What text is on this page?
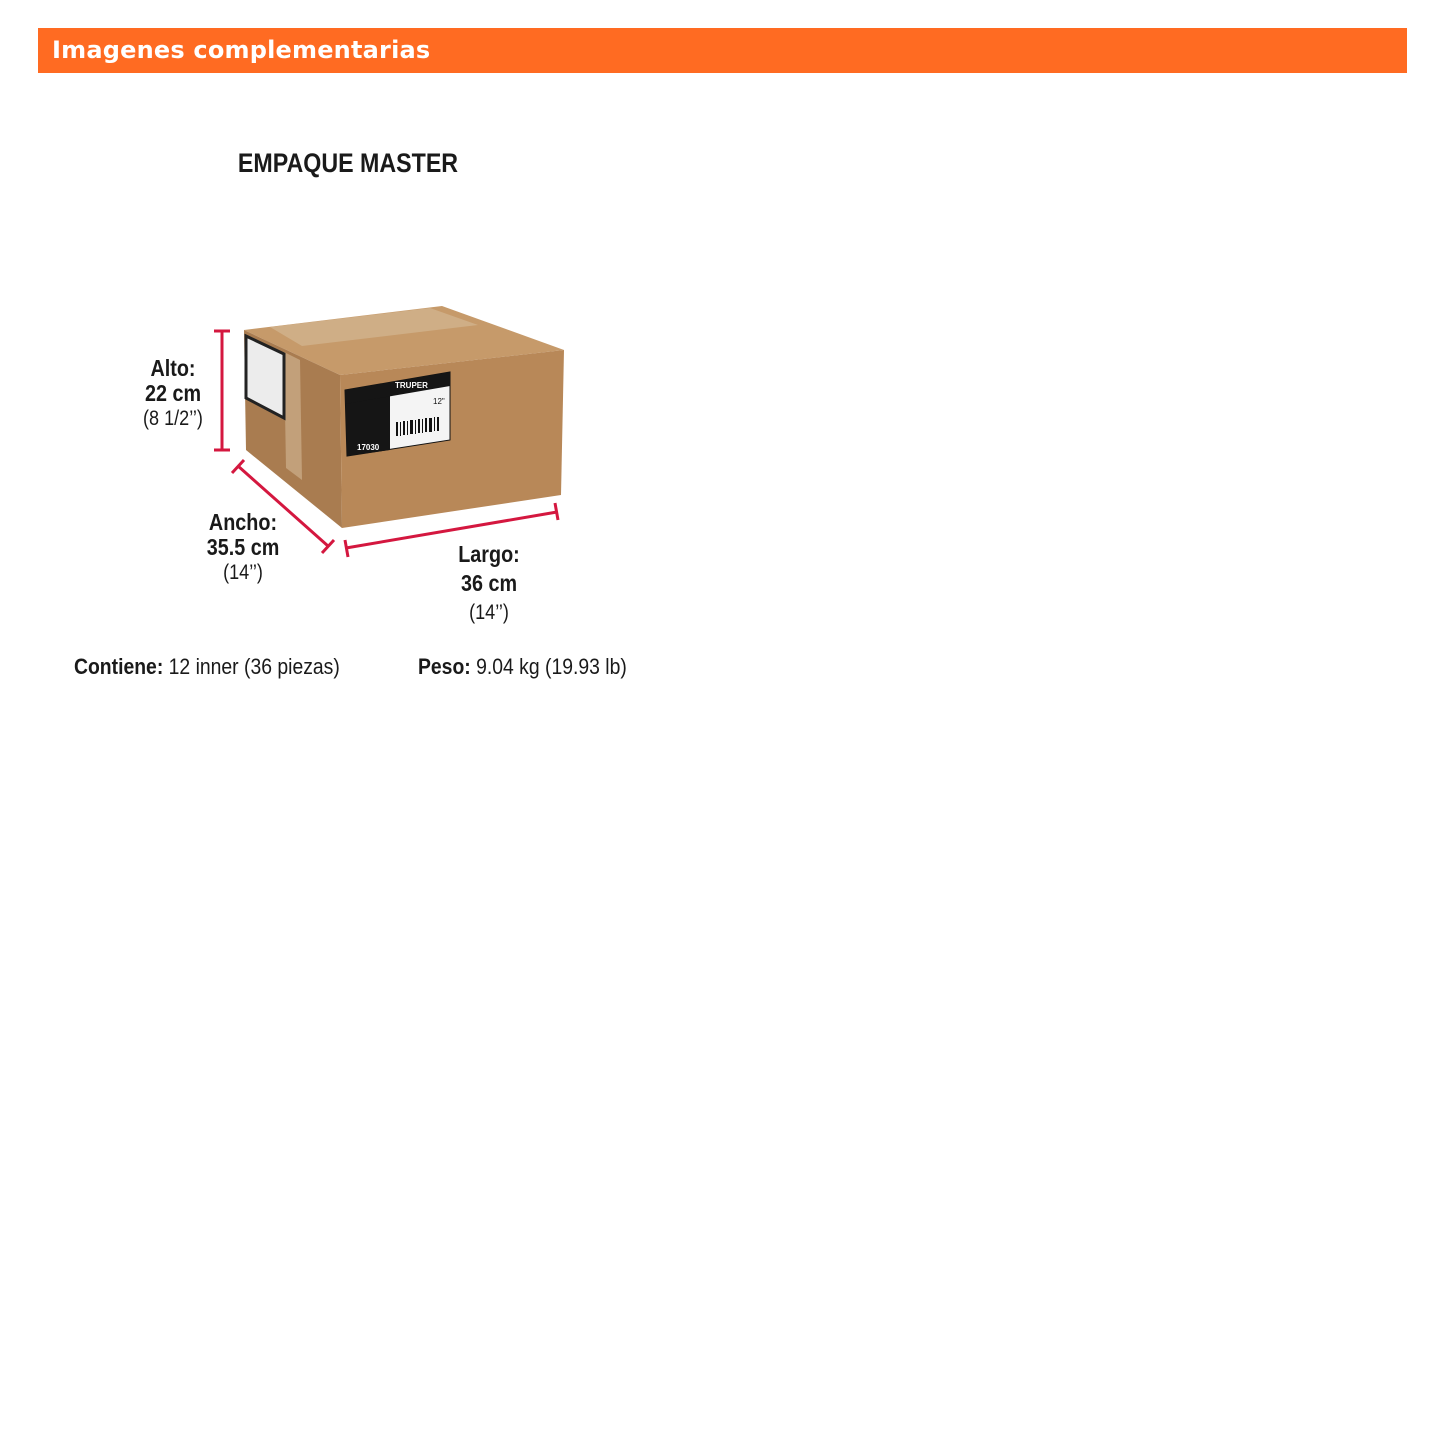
Imagenes complementarias
EMPAQUE MASTER
TRUPER
12"
17030
Alto:
22 cm
(8 1/2’’)
Ancho:
35.5 cm
(14’’)
Largo:
36 cm
(14’’)
Contiene: 12 inner (36 piezas)	Peso: 9.04 kg (19.93 lb)
